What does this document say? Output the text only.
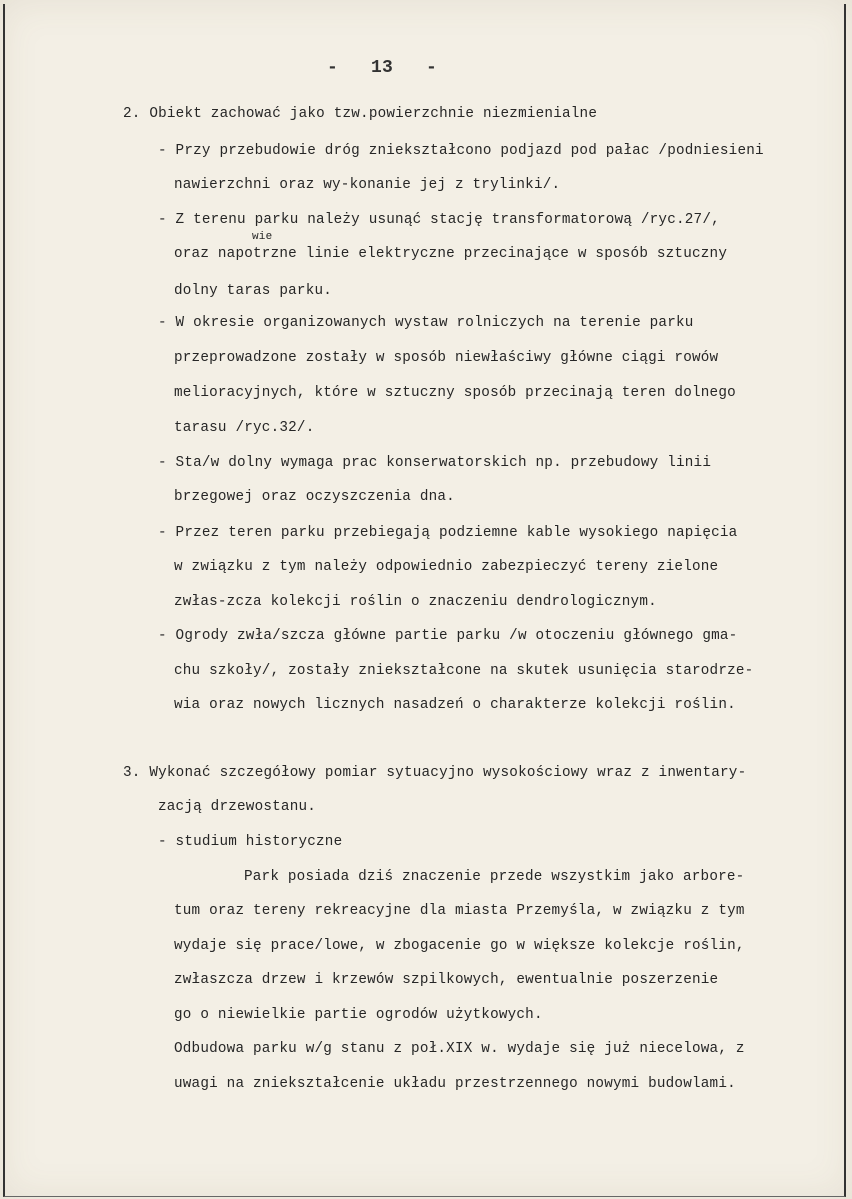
- 13 -
2. Obiekt zachować jako tzw.powierzchnie niezmienialne
- Przy przebudowie dróg zniekształcono podjazd pod pałac /podniesieni
nawierzchni oraz wy-konanie jej z trylinki/.
- Z terenu parku należy usunąć stację transformatorową /ryc.27/,
wie
oraz napotrzne linie elektryczne przecinające w sposób sztuczny
dolny taras parku.
- W okresie organizowanych wystaw rolniczych na terenie parku
przeprowadzone zostały w sposób niewłaściwy główne ciągi rowów
melioracyjnych, które w sztuczny sposób przecinają teren dolnego
tarasu /ryc.32/.
- Sta/w dolny wymaga prac konserwatorskich np. przebudowy linii
brzegowej oraz oczyszczenia dna.
- Przez teren parku przebiegają podziemne kable wysokiego napięcia
w związku z tym należy odpowiednio zabezpieczyć tereny zielone
zwłas-zcza kolekcji roślin o znaczeniu dendrologicznym.
- Ogrody zwła/szcza główne partie parku /w otoczeniu głównego gma-
chu szkoły/, zostały zniekształcone na skutek usunięcia starodrze-
wia oraz nowych licznych nasadzeń o charakterze kolekcji roślin.
3. Wykonać szczegółowy pomiar sytuacyjno wysokościowy wraz z inwentary-
zacją drzewostanu.
- studium historyczne
Park posiada dziś znaczenie przede wszystkim jako arbore-
tum oraz tereny rekreacyjne dla miasta Przemyśla, w związku z tym
wydaje się prace/lowe, w zbogacenie go w większe kolekcje roślin,
zwłaszcza drzew i krzewów szpilkowych, ewentualnie poszerzenie
go o niewielkie partie ogrodów użytkowych.
Odbudowa parku w/g stanu z poł.XIX w. wydaje się już niecelowa, z
uwagi na zniekształcenie układu przestrzennego nowymi budowlami.
